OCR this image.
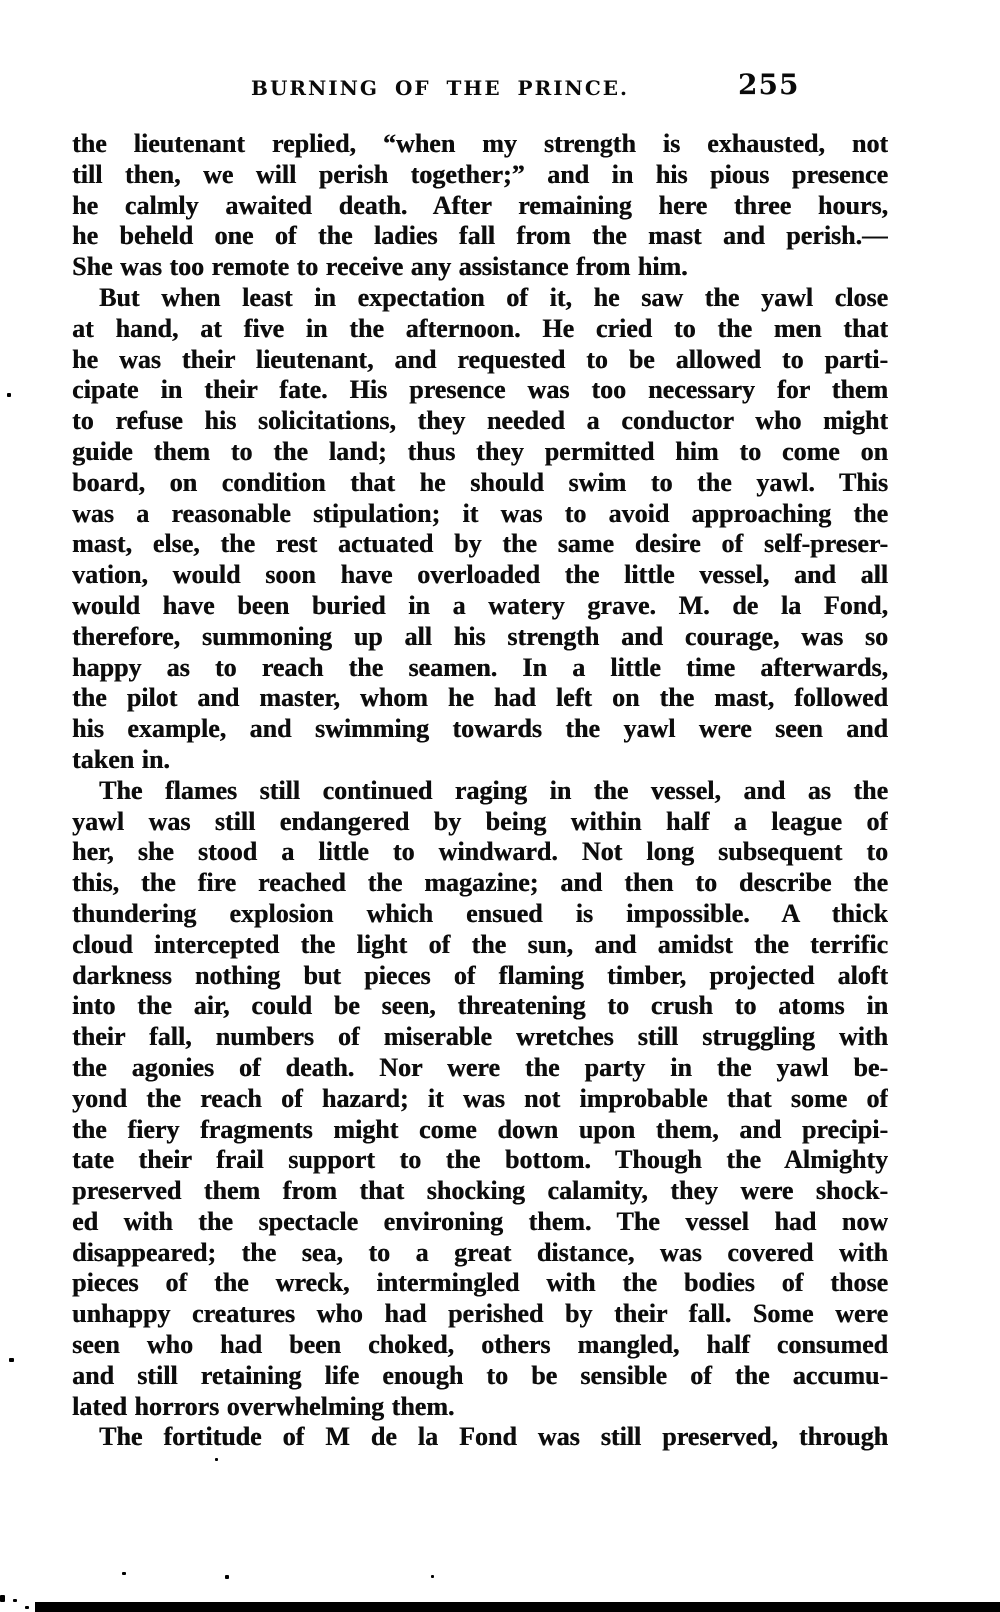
BURNING OF THE PRINCE.	255
the lieutenant replied, “when my strength is exhausted, not
till then, we will perish together;” and in his pious presence
he calmly awaited death. After remaining here three hours,
he beheld one of the ladies fall from the mast and perish.—
She was too remote to receive any assistance from him.
But when least in expectation of it, he saw the yawl close
at hand, at five in the afternoon. He cried to the men that
he was their lieutenant, and requested to be allowed to parti-
cipate in their fate. His presence was too necessary for them
to refuse his solicitations, they needed a conductor who might
guide them to the land; thus they permitted him to come on
board, on condition that he should swim to the yawl. This
was a reasonable stipulation; it was to avoid approaching the
mast, else, the rest actuated by the same desire of self-preser-
vation, would soon have overloaded the little vessel, and all
would have been buried in a watery grave. M. de la Fond,
therefore, summoning up all his strength and courage, was so
happy as to reach the seamen. In a little time afterwards,
the pilot and master, whom he had left on the mast, followed
his example, and swimming towards the yawl were seen and
taken in.
The flames still continued raging in the vessel, and as the
yawl was still endangered by being within half a league of
her, she stood a little to windward. Not long subsequent to
this, the fire reached the magazine; and then to describe the
thundering explosion which ensued is impossible. A thick
cloud intercepted the light of the sun, and amidst the terrific
darkness nothing but pieces of flaming timber, projected aloft
into the air, could be seen, threatening to crush to atoms in
their fall, numbers of miserable wretches still struggling with
the agonies of death. Nor were the party in the yawl be-
yond the reach of hazard; it was not improbable that some of
the fiery fragments might come down upon them, and precipi-
tate their frail support to the bottom. Though the Almighty
preserved them from that shocking calamity, they were shock-
ed with the spectacle environing them. The vessel had now
disappeared; the sea, to a great distance, was covered with
pieces of the wreck, intermingled with the bodies of those
unhappy creatures who had perished by their fall. Some were
seen who had been choked, others mangled, half consumed
and still retaining life enough to be sensible of the accumu-
lated horrors overwhelming them.
The fortitude of M de la Fond was still preserved, through
